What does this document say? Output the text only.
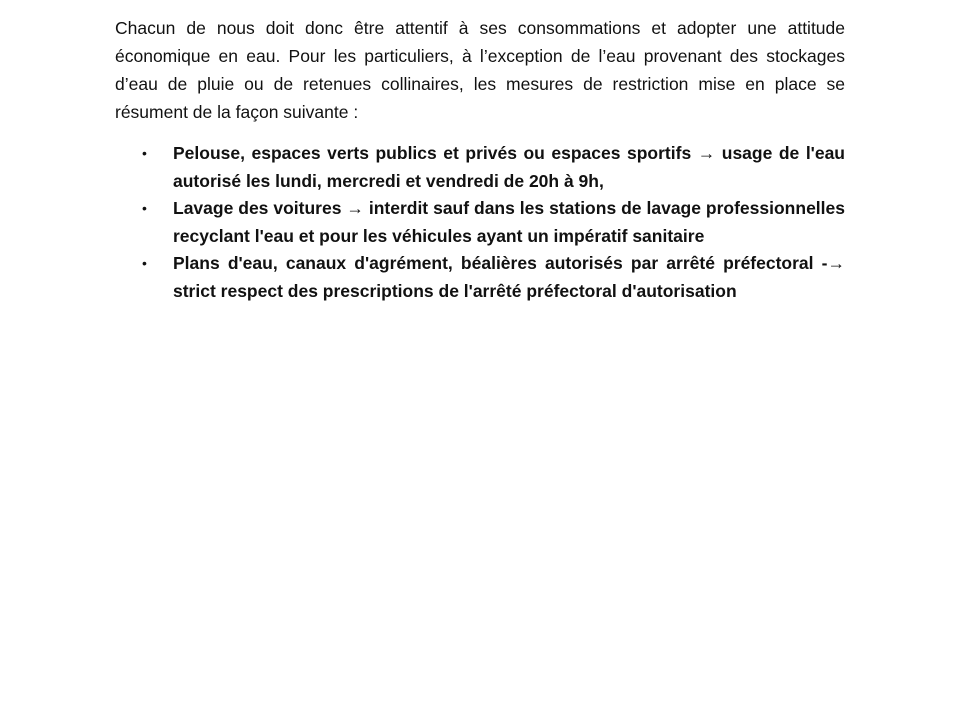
Chacun de nous doit donc être attentif à ses consommations et adopter une attitude économique en eau. Pour les particuliers, à l’exception de l’eau provenant des stockages d’eau de pluie ou de retenues collinaires, les mesures de restriction mise en place se résument de la façon suivante :

• Pelouse, espaces verts publics et privés ou espaces sportifs → usage de l'eau autorisé les lundi, mercredi et vendredi de 20h à 9h,
• Lavage des voitures → interdit sauf dans les stations de lavage professionnelles recyclant l'eau et pour les véhicules ayant un impératif sanitaire
• Plans d'eau, canaux d'agrément, béalières autorisés par arrêté préfectoral -→ strict respect des prescriptions de l'arrêté préfectoral d'autorisation
